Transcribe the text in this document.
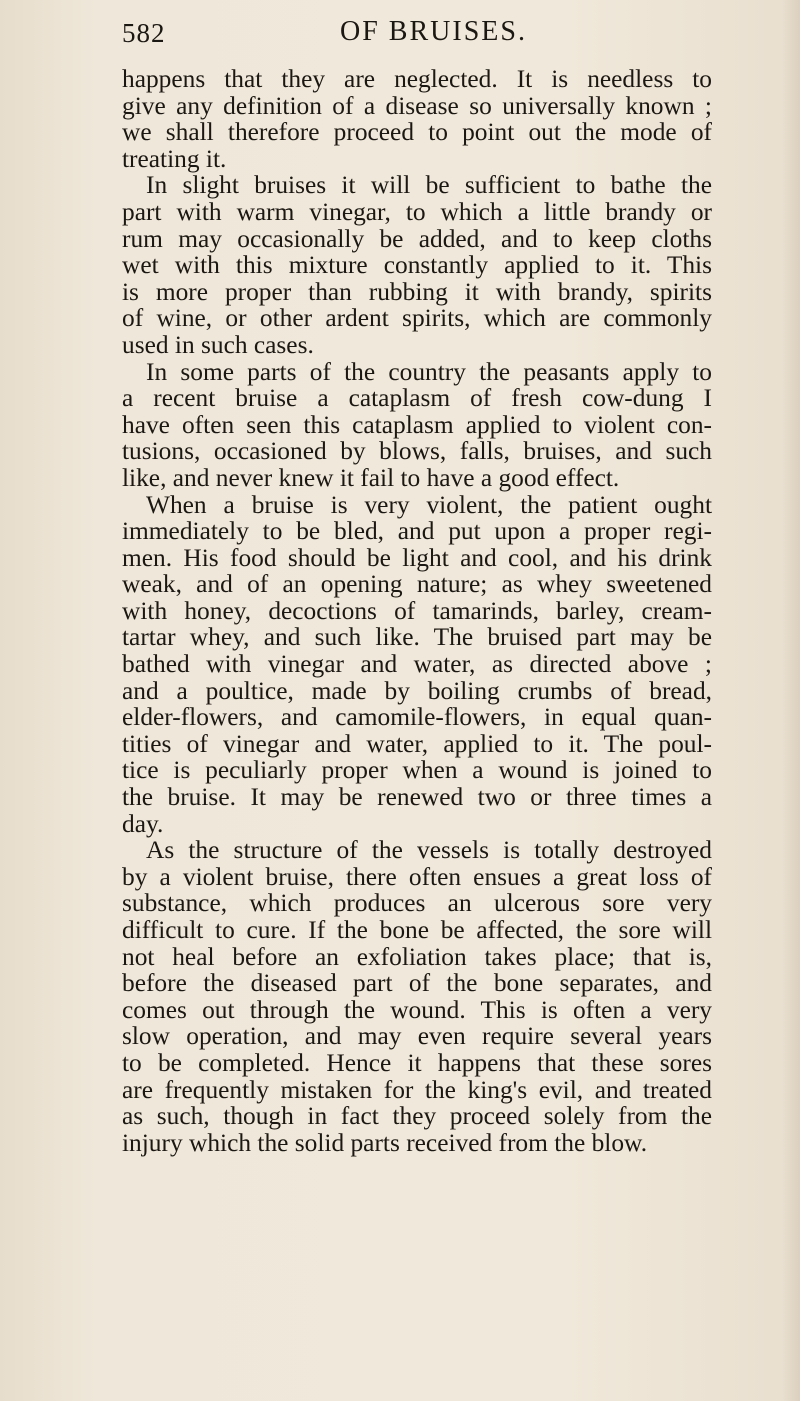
582	OF BRUISES.
happens that they are neglected. It is needless to
give any definition of a disease so universally known ;
we shall therefore proceed to point out the mode of
treating it.
In slight bruises it will be sufficient to bathe the
part with warm vinegar, to which a little brandy or
rum may occasionally be added, and to keep cloths
wet with this mixture constantly applied to it. This
is more proper than rubbing it with brandy, spirits
of wine, or other ardent spirits, which are commonly
used in such cases.
In some parts of the country the peasants apply to
a recent bruise a cataplasm of fresh cow-dung I
have often seen this cataplasm applied to violent con-
tusions, occasioned by blows, falls, bruises, and such
like, and never knew it fail to have a good effect.
When a bruise is very violent, the patient ought
immediately to be bled, and put upon a proper regi-
men. His food should be light and cool, and his drink
weak, and of an opening nature; as whey sweetened
with honey, decoctions of tamarinds, barley, cream-
tartar whey, and such like. The bruised part may be
bathed with vinegar and water, as directed above ;
and a poultice, made by boiling crumbs of bread,
elder-flowers, and camomile-flowers, in equal quan-
tities of vinegar and water, applied to it. The poul-
tice is peculiarly proper when a wound is joined to
the bruise. It may be renewed two or three times a
day.
As the structure of the vessels is totally destroyed
by a violent bruise, there often ensues a great loss of
substance, which produces an ulcerous sore very
difficult to cure. If the bone be affected, the sore will
not heal before an exfoliation takes place; that is,
before the diseased part of the bone separates, and
comes out through the wound. This is often a very
slow operation, and may even require several years
to be completed. Hence it happens that these sores
are frequently mistaken for the king's evil, and treated
as such, though in fact they proceed solely from the
injury which the solid parts received from the blow.
